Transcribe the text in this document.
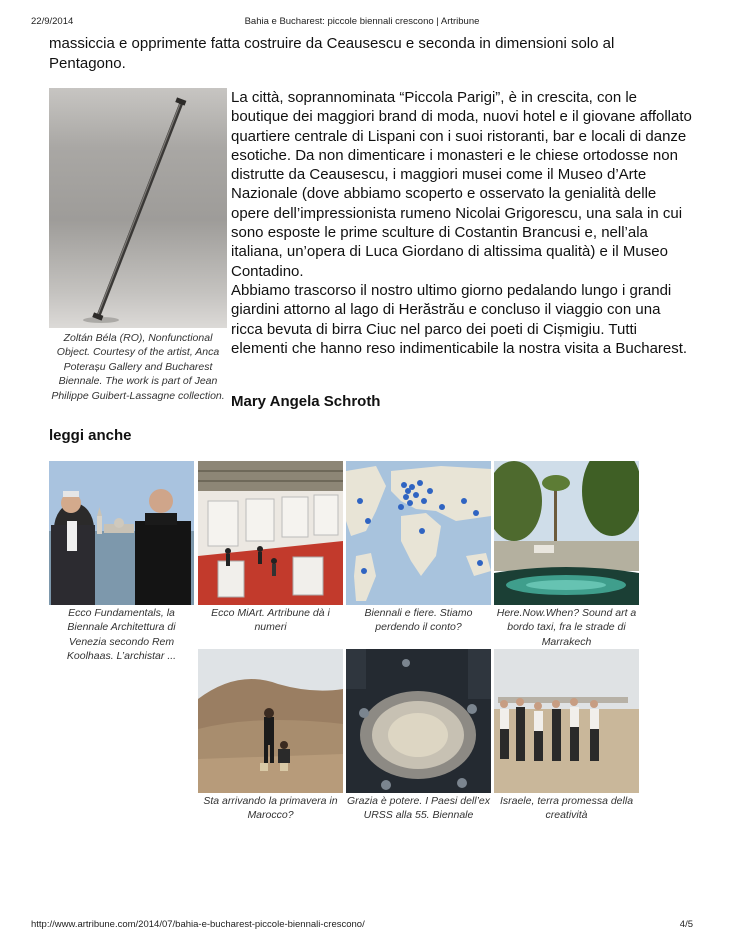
22/9/2014	Bahia e Bucharest: piccole biennali crescono | Artribune

massiccia e opprimente fatta costruire da Ceausescu e seconda in dimensioni solo al Pentagono.

Zoltán Béla (RO), Nonfunctional Object. Courtesy of the artist, Anca Poterașu Gallery and Bucharest Biennale. The work is part of Jean Philippe Guibert-Lassagne collection.

La città, soprannominata “Piccola Parigi”, è in crescita, con le boutique dei maggiori brand di moda, nuovi hotel e il giovane affollato quartiere centrale di Lispani con i suoi ristoranti, bar e locali di danze esotiche. Da non dimenticare i monasteri e le chiese ortodosse non distrutte da Ceausescu, i maggiori musei come il Museo d’Arte Nazionale (dove abbiamo scoperto e osservato la genialità delle opere dell’impressionista rumeno Nicolai Grigorescu, una sala in cui sono esposte le prime sculture di Costantin Brancusi e, nell’ala italiana, un’opera di Luca Giordano di altissima qualità) e il Museo Contadino.

Abbiamo trascorso il nostro ultimo giorno pedalando lungo i grandi giardini attorno al lago di Herăstrău e concluso il viaggio con una ricca bevuta di birra Ciuc nel parco dei poeti di Cișmigiu. Tutti elementi che hanno reso indimenticabile la nostra visita a Bucharest.

Mary Angela Schroth

leggi anche

Ecco Fundamentals, la Biennale Architettura di Venezia secondo Rem Koolhaas. L’archistar ...

Ecco MiArt. Artribune dà i numeri

Biennali e fiere. Stiamo perdendo il conto?

Here.Now.When? Sound art a bordo taxi, fra le strade di Marrakech

Sta arrivando la primavera in Marocco?

Grazia è potere. I Paesi dell’ex URSS alla 55. Biennale

Israele, terra promessa della creatività

http://www.artribune.com/2014/07/bahia-e-bucharest-piccole-biennali-crescono/	4/5
